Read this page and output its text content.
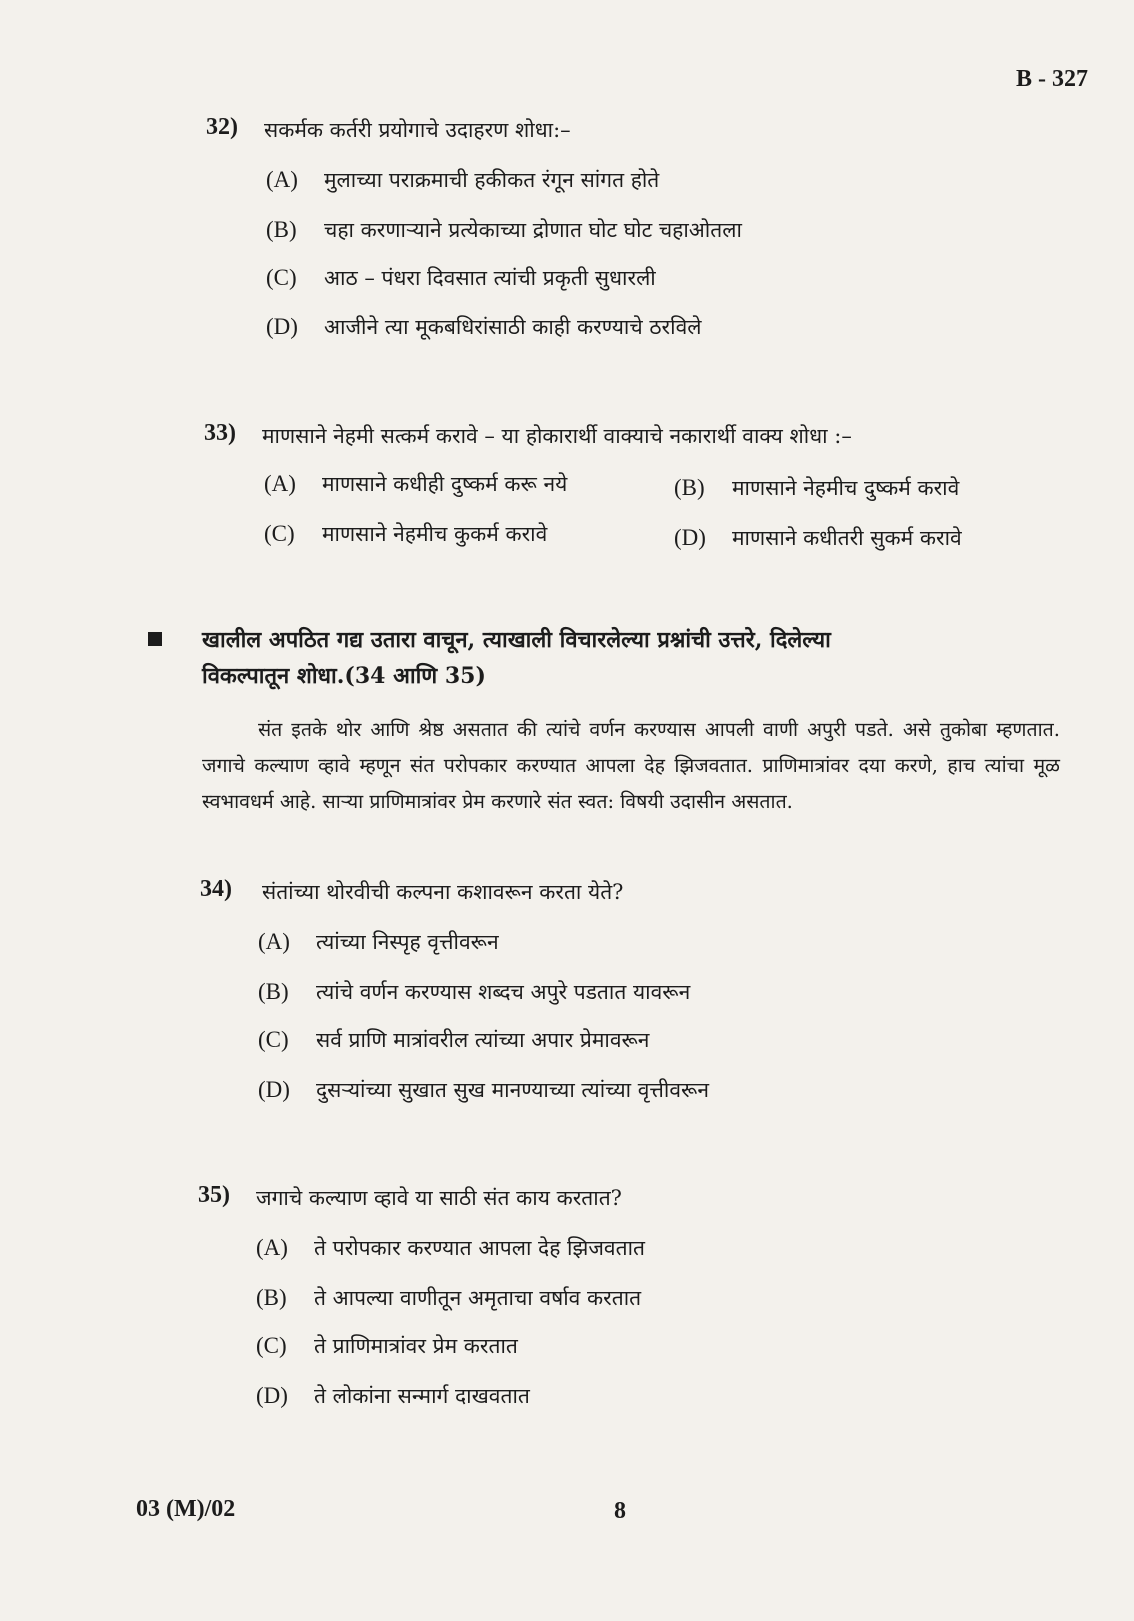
B - 327
32) सकर्मक कर्तरी प्रयोगाचे उदाहरण शोधा:–
(A) मुलाच्या पराक्रमाची हकीकत रंगून सांगत होते
(B) चहा करणाऱ्याने प्रत्येकाच्या द्रोणात घोट घोट चहाओतला
(C) आठ – पंधरा दिवसात त्यांची प्रकृती सुधारली
(D) आजीने त्या मूकबधिरांसाठी काही करण्याचे ठरविले
33) माणसाने नेहमी सत्कर्म करावे – या होकारार्थी वाक्याचे नकारार्थी वाक्य शोधा :–
(A) माणसाने कधीही दुष्कर्म करू नये	(B) माणसाने नेहमीच दुष्कर्म करावे
(C) माणसाने नेहमीच कुकर्म करावे	(D) माणसाने कधीतरी सुकर्म करावे
खालील अपठित गद्य उतारा वाचून, त्याखाली विचारलेल्या प्रश्नांची उत्तरे, दिलेल्या
विकल्पातून शोधा.(34 आणि 35)
संत इतके थोर आणि श्रेष्ठ असतात की त्यांचे वर्णन करण्यास आपली वाणी अपुरी पडते. असे तुकोबा म्हणतात. जगाचे कल्याण व्हावे म्हणून संत परोपकार करण्यात आपला देह झिजवतात. प्राणिमात्रांवर दया करणे, हाच त्यांचा मूळ स्वभावधर्म आहे. साऱ्या प्राणिमात्रांवर प्रेम करणारे संत स्वत: विषयी उदासीन असतात.
34) संतांच्या थोरवीची कल्पना कशावरून करता येते?
(A) त्यांच्या निस्पृह वृत्तीवरून
(B) त्यांचे वर्णन करण्यास शब्दच अपुरे पडतात यावरून
(C) सर्व प्राणि मात्रांवरील त्यांच्या अपार प्रेमावरून
(D) दुसऱ्यांच्या सुखात सुख मानण्याच्या त्यांच्या वृत्तीवरून
35) जगाचे कल्याण व्हावे या साठी संत काय करतात?
(A) ते परोपकार करण्यात आपला देह झिजवतात
(B) ते आपल्या वाणीतून अमृताचा वर्षाव करतात
(C) ते प्राणिमात्रांवर प्रेम करतात
(D) ते लोकांना सन्मार्ग दाखवतात
03 (M)/02	8
